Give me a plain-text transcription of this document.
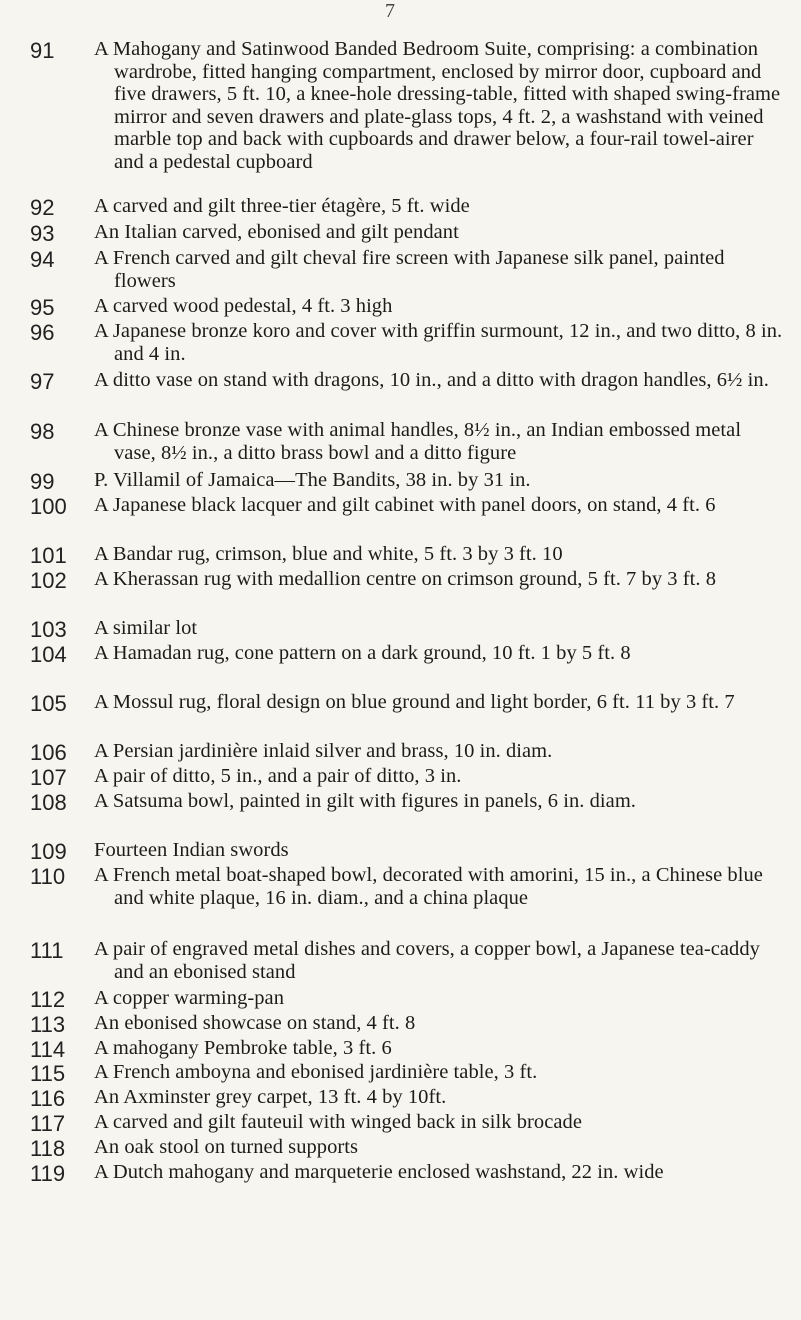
7
91	A Mahogany and Satinwood Banded Bedroom Suite, comprising: a combination wardrobe, fitted hanging compartment, enclosed by mirror door, cupboard and five drawers, 5 ft. 10, a knee-hole dressing-table, fitted with shaped swing-frame mirror and seven drawers and plate-glass tops, 4 ft. 2, a washstand with veined marble top and back with cupboards and drawer below, a four-rail towel-airer and a pedestal cupboard
92	A carved and gilt three-tier étagère, 5 ft. wide
93	An Italian carved, ebonised and gilt pendant
94	A French carved and gilt cheval fire screen with Japanese silk panel, painted flowers
95	A carved wood pedestal, 4 ft. 3 high
96	A Japanese bronze koro and cover with griffin surmount, 12 in., and two ditto, 8 in. and 4 in.
97	A ditto vase on stand with dragons, 10 in., and a ditto with dragon handles, 6½ in.
98	A Chinese bronze vase with animal handles, 8½ in., an Indian embossed metal vase, 8½ in., a ditto brass bowl and a ditto figure
99	P. Villamil of Jamaica—The Bandits, 38 in. by 31 in.
100	A Japanese black lacquer and gilt cabinet with panel doors, on stand, 4 ft. 6
101	A Bandar rug, crimson, blue and white, 5 ft. 3 by 3 ft. 10
102	A Kherassan rug with medallion centre on crimson ground, 5 ft. 7 by 3 ft. 8
103	A similar lot
104	A Hamadan rug, cone pattern on a dark ground, 10 ft. 1 by 5 ft. 8
105	A Mossul rug, floral design on blue ground and light border, 6 ft. 11 by 3 ft. 7
106	A Persian jardinière inlaid silver and brass, 10 in. diam.
107	A pair of ditto, 5 in., and a pair of ditto, 3 in.
108	A Satsuma bowl, painted in gilt with figures in panels, 6 in. diam.
109	Fourteen Indian swords
110	A French metal boat-shaped bowl, decorated with amorini, 15 in., a Chinese blue and white plaque, 16 in. diam., and a china plaque
111	A pair of engraved metal dishes and covers, a copper bowl, a Japanese tea-caddy and an ebonised stand
112	A copper warming-pan
113	An ebonised showcase on stand, 4 ft. 8
114	A mahogany Pembroke table, 3 ft. 6
115	A French amboyna and ebonised jardinière table, 3 ft.
116	An Axminster grey carpet, 13 ft. 4 by 10ft.
117	A carved and gilt fauteuil with winged back in silk brocade
118	An oak stool on turned supports
119	A Dutch mahogany and marqueterie enclosed washstand, 22 in. wide
